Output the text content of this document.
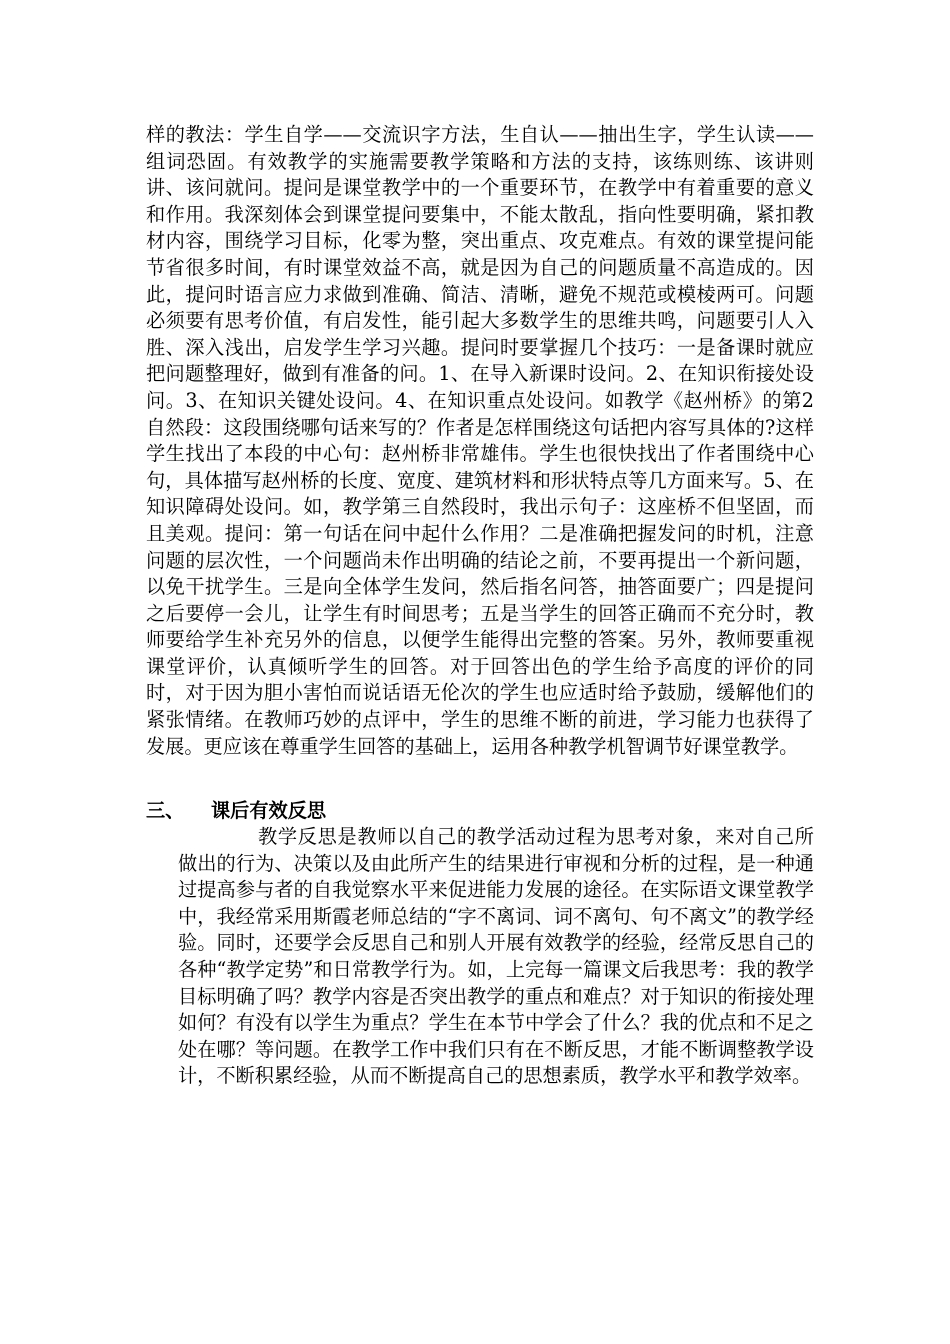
样的教法：学生自学——交流识字方法，生自认——抽出生字，学生认读——组词恐固。有效教学的实施需要教学策略和方法的支持，该练则练、该讲则讲、该问就问。提问是课堂教学中的一个重要环节，在教学中有着重要的意义和作用。我深刻体会到课堂提问要集中，不能太散乱，指向性要明确，紧扣教材内容，围绕学习目标，化零为整，突出重点、攻克难点。有效的课堂提问能节省很多时间，有时课堂效益不高，就是因为自己的问题质量不高造成的。因此，提问时语言应力求做到准确、简洁、清晰，避免不规范或模棱两可。问题必须要有思考价值，有启发性，能引起大多数学生的思维共鸣，问题要引人入胜、深入浅出，启发学生学习兴趣。提问时要掌握几个技巧：一是备课时就应把问题整理好，做到有准备的问。1、在导入新课时设问。2、在知识衔接处设问。3、在知识关键处设问。4、在知识重点处设问。如教学《赵州桥》的第2自然段：这段围绕哪句话来写的？作者是怎样围绕这句话把内容写具体的?这样学生找出了本段的中心句：赵州桥非常雄伟。学生也很快找出了作者围绕中心句，具体描写赵州桥的长度、宽度、建筑材料和形状特点等几方面来写。5、在知识障碍处设问。如，教学第三自然段时，我出示句子：这座桥不但坚固，而且美观。提问：第一句话在问中起什么作用？二是准确把握发问的时机，注意问题的层次性，一个问题尚未作出明确的结论之前，不要再提出一个新问题，以免干扰学生。三是向全体学生发问，然后指名问答，抽答面要广；四是提问之后要停一会儿，让学生有时间思考；五是当学生的回答正确而不充分时，教师要给学生补充另外的信息，以便学生能得出完整的答案。另外，教师要重视课堂评价，认真倾听学生的回答。对于回答出色的学生给予高度的评价的同时，对于因为胆小害怕而说话语无伦次的学生也应适时给予鼓励，缓解他们的紧张情绪。在教师巧妙的点评中，学生的思维不断的前进，学习能力也获得了发展。更应该在尊重学生回答的基础上，运用各种教学机智调节好课堂教学。

三、 课后有效反思

教学反思是教师以自己的教学活动过程为思考对象，来对自己所做出的行为、决策以及由此所产生的结果进行审视和分析的过程，是一种通过提高参与者的自我觉察水平来促进能力发展的途径。在实际语文课堂教学中，我经常采用斯霞老师总结的“字不离词、词不离句、句不离文”的教学经验。同时，还要学会反思自己和别人开展有效教学的经验，经常反思自己的各种“教学定势”和日常教学行为。如，上完每一篇课文后我思考：我的教学目标明确了吗？教学内容是否突出教学的重点和难点？对于知识的衔接处理如何？有没有以学生为重点？学生在本节中学会了什么？我的优点和不足之处在哪？等问题。在教学工作中我们只有在不断反思，才能不断调整教学设计，不断积累经验，从而不断提高自己的思想素质，教学水平和教学效率。
